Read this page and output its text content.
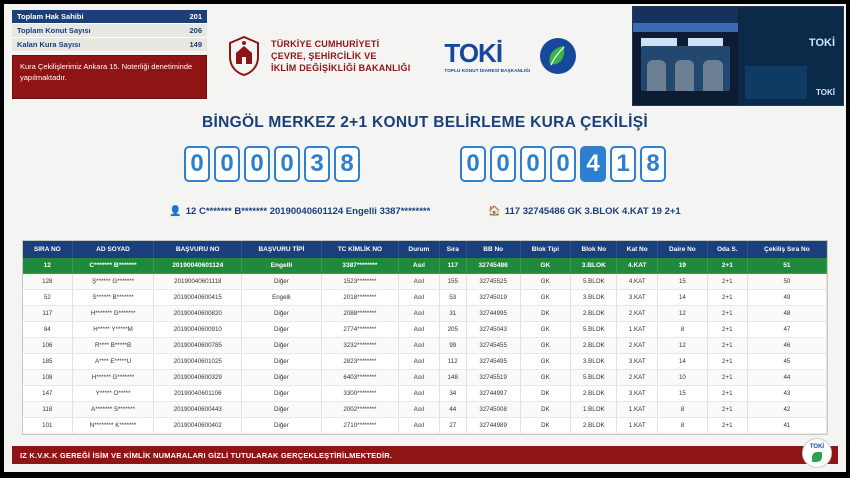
Toplam Hak Sahibi	201
Toplam Konut Sayısı	206
Kalan Kura Sayısı	149
Kura Çekilişlerimiz Ankara 15. Noterliği denetiminde yapılmaktadır.
TÜRKİYE CUMHURİYETİ
ÇEVRE, ŞEHİRCİLİK VE
İKLİM DEĞİŞİKLİĞİ BAKANLIĞI
TOKİ
TOPLU KONUT İDARESİ BAŞKANLIĞI
TOKİ
TOKİ
BİNGÖL MERKEZ 2+1 KONUT BELİRLEME KURA ÇEKİLİŞİ
0 0 0 0 3 8	0 0 0 0 4 1 8
👤 12 C******* B******* 20190040601124 Engelli 3387********	🏠 117 32745486 GK 3.BLOK 4.KAT 19 2+1
SIRA NO	AD SOYAD	BAŞVURU NO	BAŞVURU TİPİ	TC KİMLİK NO	Durum	Sıra	BB No	Blok Tipi	Blok No	Kat No	Daire No	Oda S.	Çekiliş Sıra No
12	C******* B*******	20190040601124	Engelli	3387********	Asıl	117	32745486	GK	3.BLOK	4.KAT	19	2+1	51
128	Ş****** G*******	20190040601118	Diğer	1523********	Asıl	155	32745525	GK	5.BLOK	4.KAT	15	2+1	50
52	S****** B*******	20190040600415	Engelli	2018********	Asıl	53	32745019	GK	3.BLOK	3.KAT	14	2+1	49
117	H******* G*******	20190040600820	Diğer	2088********	Asıl	31	32744995	DK	2.BLOK	2.KAT	12	2+1	48
84	H***** Y*****M	20190040600910	Diğer	2774********	Asıl	205	32745043	GK	5.BLOK	1.KAT	8	2+1	47
106	R**** B*****B	20190040600785	Diğer	3232********	Asıl	99	32745455	GK	2.BLOK	2.KAT	12	2+1	46
185	A**** E*****U	20190040601025	Diğer	2823********	Asıl	112	32745495	GK	3.BLOK	3.KAT	14	2+1	45
108	H****** G*******	20190040600329	Diğer	6403********	Asıl	148	32745519	GK	5.BLOK	2.KAT	10	2+1	44
147	Y***** O*****	20190040601106	Diğer	3300********	Asıl	34	32744997	DK	2.BLOK	3.KAT	15	2+1	43
118	A******* S*******	20190040600443	Diğer	2002********	Asıl	44	32745008	DK	1.BLOK	1.KAT	8	2+1	42
101	N******** K*******	20190040600402	Diğer	2710********	Asıl	27	32744989	DK	2.BLOK	1.KAT	8	2+1	41
IZ K.V.K.K GEREĞİ İSİM VE KİMLİK NUMARALARI GİZLİ TUTULARAK GERÇEKLEŞTİRİLMEKTEDİR.
TOKİ
